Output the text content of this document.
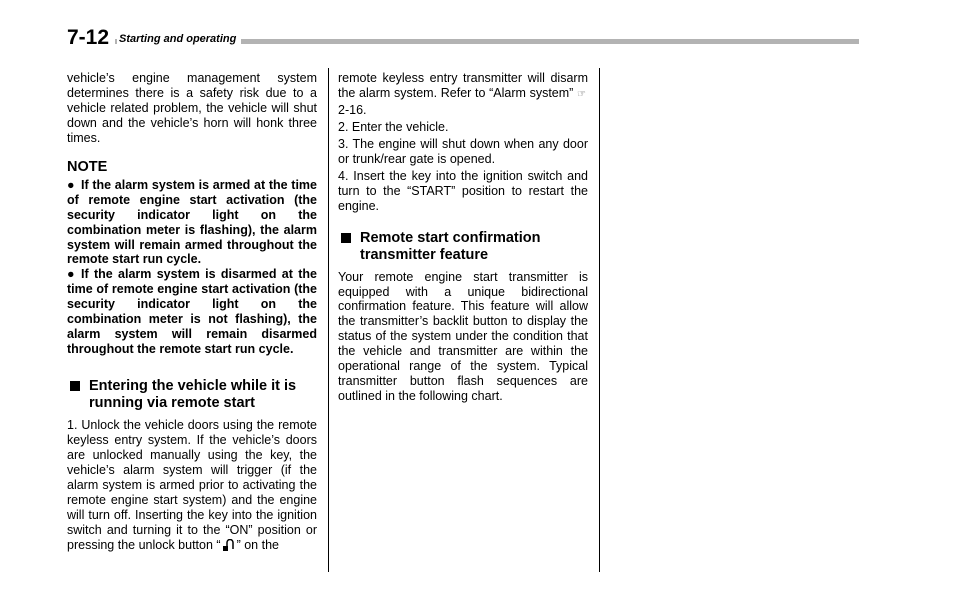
7-12 Starting and operating

vehicle’s engine management system determines there is a safety risk due to a vehicle related problem, the vehicle will shut down and the vehicle’s horn will honk three times.

NOTE

● If the alarm system is armed at the time of remote engine start activation (the security indicator light on the combination meter is flashing), the alarm system will remain armed throughout the remote start run cycle.

● If the alarm system is disarmed at the time of remote engine start activation (the security indicator light on the combination meter is not flashing), the alarm system will remain disarmed throughout the remote start run cycle.

Entering the vehicle while it is running via remote start

1. Unlock the vehicle doors using the remote keyless entry system. If the vehicle’s doors are unlocked manually using the key, the vehicle’s alarm system will trigger (if the alarm system is armed prior to activating the remote engine start system) and the engine will turn off. Inserting the key into the ignition switch and turning it to the “ON” position or pressing the unlock button “ ” on the

remote keyless entry transmitter will disarm the alarm system. Refer to “Alarm system” ☞2-16.

2. Enter the vehicle.

3. The engine will shut down when any door or trunk/rear gate is opened.

4. Insert the key into the ignition switch and turn to the “START” position to restart the engine.

Remote start confirmation transmitter feature

Your remote engine start transmitter is equipped with a unique bidirectional confirmation feature. This feature will allow the transmitter’s backlit button to display the status of the system under the condition that the vehicle and transmitter are within the operational range of the system. Typical transmitter button flash sequences are outlined in the following chart.
